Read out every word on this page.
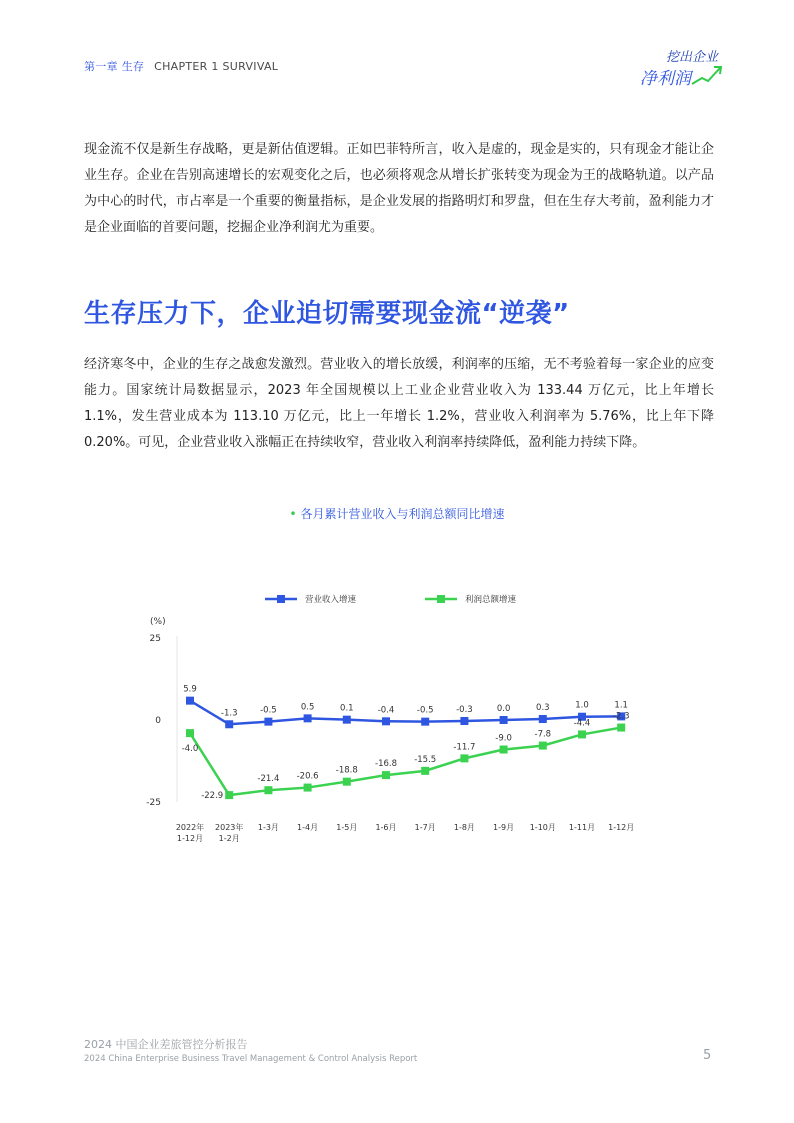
第一章 生存 CHAPTER 1 SURVIVAL
挖出企业
净利润
现金流不仅是新生存战略，更是新估值逻辑。正如巴菲特所言，收入是虚的，现金是实的，只有现金才能让企业生存。企业在告别高速增长的宏观变化之后，也必须将观念从增长扩张转变为现金为王的战略轨道。以产品为中心的时代，市占率是一个重要的衡量指标，是企业发展的指路明灯和罗盘，但在生存大考前，盈利能力才是企业面临的首要问题，挖掘企业净利润尤为重要。
生存压力下，企业迫切需要现金流“逆袭”
经济寒冬中，企业的生存之战愈发激烈。营业收入的增长放缓，利润率的压缩，无不考验着每一家企业的应变能力。国家统计局数据显示，2023 年全国规模以上工业企业营业收入为 133.44 万亿元，比上年增长 1.1%，发生营业成本为 113.10 万亿元，比上一年增长 1.2%，营业收入利润率为 5.76%，比上年下降 0.20%。可见，企业营业收入涨幅正在持续收窄，营业收入利润率持续降低，盈利能力持续下降。
• 各月累计营业收入与利润总额同比增速
营业收入增速	利润总额增速
(%)
25
0
-25
2022年
1-12月
2023年
1-2月
1-3月 1-4月 1-5月 1-6月 1-7月 1-8月 1-9月 1-10月 1-11月 1-12月
5.9
-1.3	-0.5	0.5	0.1	-0.4	-0.5	-0.3	0.0	0.3	1.0	1.1
-4.0
-22.9
-21.4 -20.6
-18.8
-16.8 -15.5
-11.7
-9.0	-7.8
-4.4
-2.3
2024 中国企业差旅管控分析报告
2024 China Enterprise Business Travel Management & Control Analysis Report	5
